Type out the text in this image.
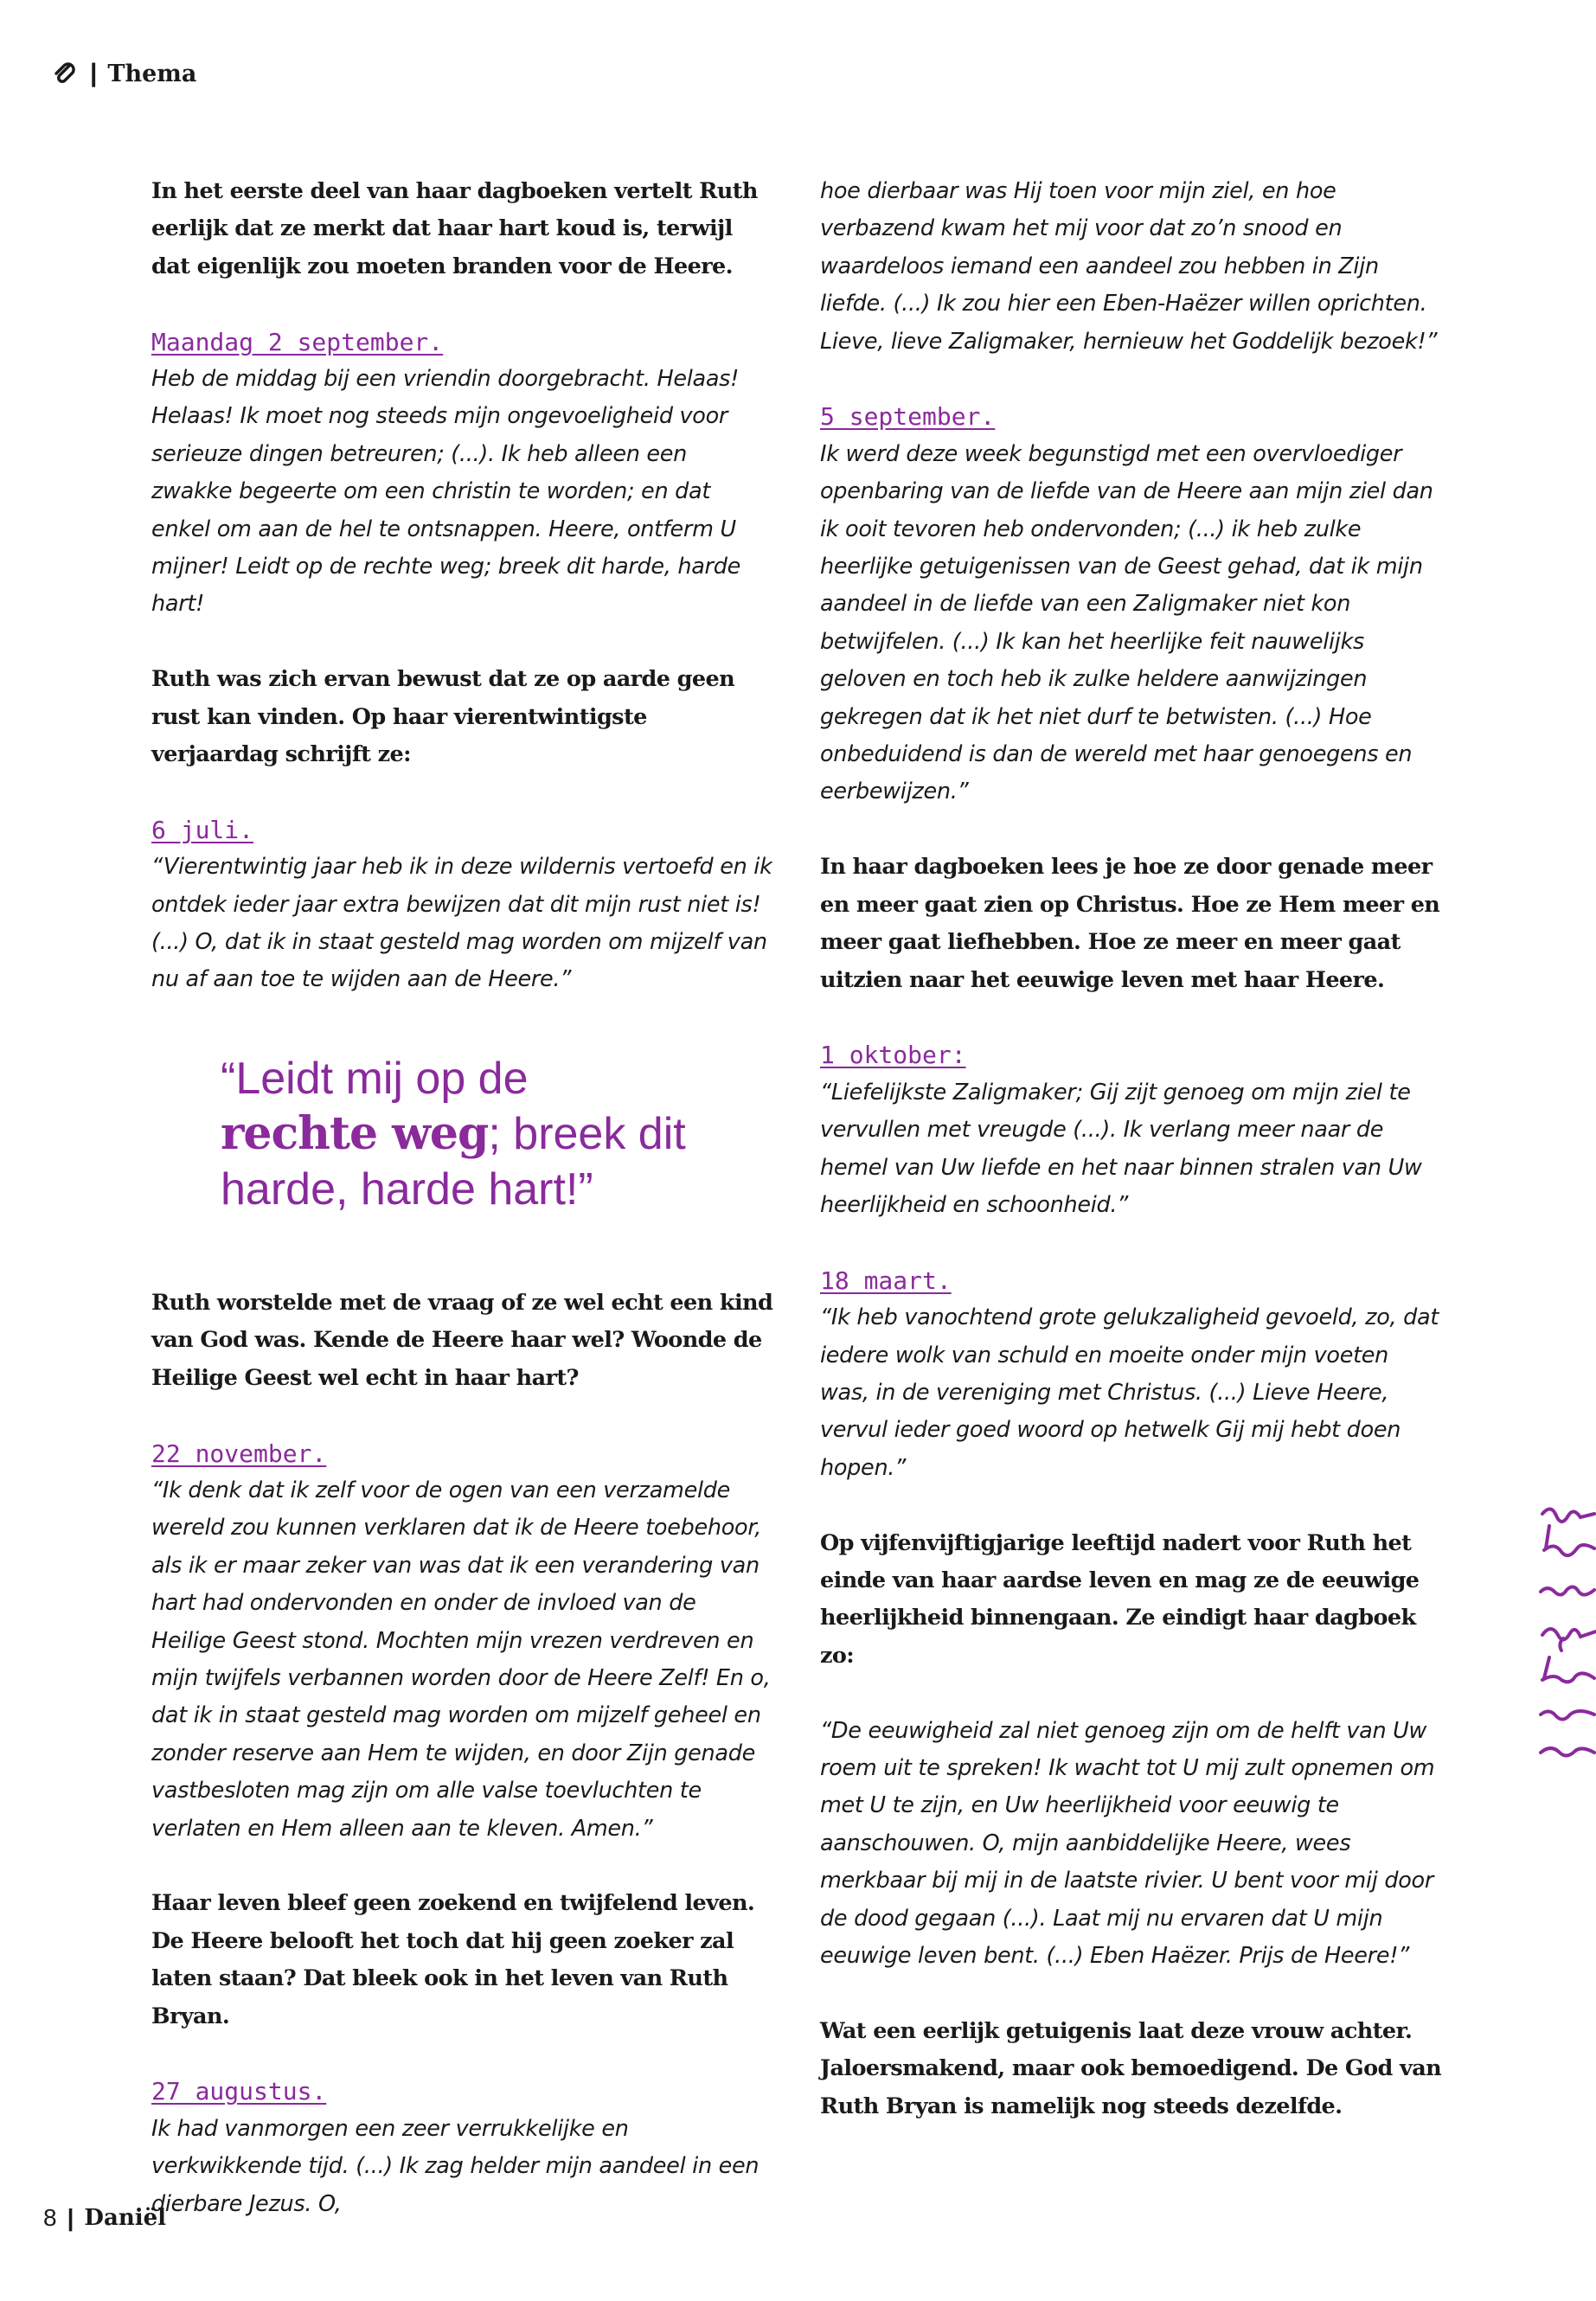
| Thema

In het eerste deel van haar dagboeken vertelt Ruth eerlijk dat ze merkt dat haar hart koud is, terwijl dat eigenlijk zou moeten branden voor de Heere.

Maandag 2 september.

Heb de middag bij een vriendin doorgebracht. Helaas! Helaas! Ik moet nog steeds mijn ongevoeligheid voor serieuze dingen betreuren; (...). Ik heb alleen een zwakke begeerte om een christin te worden; en dat enkel om aan de hel te ontsnappen. Heere, ontferm U mijner! Leidt op de rechte weg; breek dit harde, harde hart!

Ruth was zich ervan bewust dat ze op aarde geen rust kan vinden. Op haar vierentwintigste verjaardag schrijft ze:

6 juli.

“Vierentwintig jaar heb ik in deze wildernis vertoefd en ik ontdek ieder jaar extra bewijzen dat dit mijn rust niet is! (...) O, dat ik in staat gesteld mag worden om mijzelf van nu af aan toe te wijden aan de Heere.”

“Leidt mij op de
rechte weg; breek dit harde, harde hart!”

Ruth worstelde met de vraag of ze wel echt een kind van God was. Kende de Heere haar wel? Woonde de Heilige Geest wel echt in haar hart?

22 november.

“Ik denk dat ik zelf voor de ogen van een verzamelde wereld zou kunnen verklaren dat ik de Heere toebehoor, als ik er maar zeker van was dat ik een verandering van hart had ondervonden en onder de invloed van de Heilige Geest stond. Mochten mijn vrezen verdreven en mijn twijfels verbannen worden door de Heere Zelf! En o, dat ik in staat gesteld mag worden om mijzelf geheel en zonder reserve aan Hem te wijden, en door Zijn genade vastbesloten mag zijn om alle valse toevluchten te verlaten en Hem alleen aan te kleven. Amen.”

Haar leven bleef geen zoekend en twijfelend leven. De Heere belooft het toch dat hij geen zoeker zal laten staan? Dat bleek ook in het leven van Ruth Bryan.

27 augustus.

Ik had vanmorgen een zeer verrukkelijke en verkwikkende tijd. (...) Ik zag helder mijn aandeel in een dierbare Jezus. O,

hoe dierbaar was Hij toen voor mijn ziel, en hoe verbazend kwam het mij voor dat zo’n snood en waardeloos iemand een aandeel zou hebben in Zijn liefde. (...) Ik zou hier een Eben-Haëzer willen oprichten. Lieve, lieve Zaligmaker, hernieuw het Goddelijk bezoek!”

5 september.

Ik werd deze week begunstigd met een overvloediger openbaring van de liefde van de Heere aan mijn ziel dan ik ooit tevoren heb ondervonden; (...) ik heb zulke heerlijke getuigenissen van de Geest gehad, dat ik mijn aandeel in de liefde van een Zaligmaker niet kon betwijfelen. (...) Ik kan het heerlijke feit nauwelijks geloven en toch heb ik zulke heldere aanwijzingen gekregen dat ik het niet durf te betwisten. (...) Hoe onbeduidend is dan de wereld met haar genoegens en eerbewijzen.”

In haar dagboeken lees je hoe ze door genade meer en meer gaat zien op Christus. Hoe ze Hem meer en meer gaat liefhebben. Hoe ze meer en meer gaat uitzien naar het eeuwige leven met haar Heere.

1 oktober:

“Liefelijkste Zaligmaker; Gij zijt genoeg om mijn ziel te vervullen met vreugde (...). Ik verlang meer naar de hemel van Uw liefde en het naar binnen stralen van Uw heerlijkheid en schoonheid.”

18 maart.

“Ik heb vanochtend grote gelukzaligheid gevoeld, zo, dat iedere wolk van schuld en moeite onder mijn voeten was, in de vereniging met Christus. (...) Lieve Heere, vervul ieder goed woord op hetwelk Gij mij hebt doen hopen.”

Op vijfenvijftigjarige leeftijd nadert voor Ruth het einde van haar aardse leven en mag ze de eeuwige heerlijkheid binnengaan. Ze eindigt haar dagboek zo:

“De eeuwigheid zal niet genoeg zijn om de helft van Uw roem uit te spreken! Ik wacht tot U mij zult opnemen om met U te zijn, en Uw heerlijkheid voor eeuwig te aanschouwen. O, mijn aanbiddelijke Heere, wees merkbaar bij mij in de laatste rivier. U bent voor mij door de dood gegaan (...). Laat mij nu ervaren dat U mijn eeuwige leven bent. (...) Eben Haëzer. Prijs de Heere!”

Wat een eerlijk getuigenis laat deze vrouw achter. Jaloersmakend, maar ook bemoedigend. De God van Ruth Bryan is namelijk nog steeds dezelfde.

8 | Daniël
